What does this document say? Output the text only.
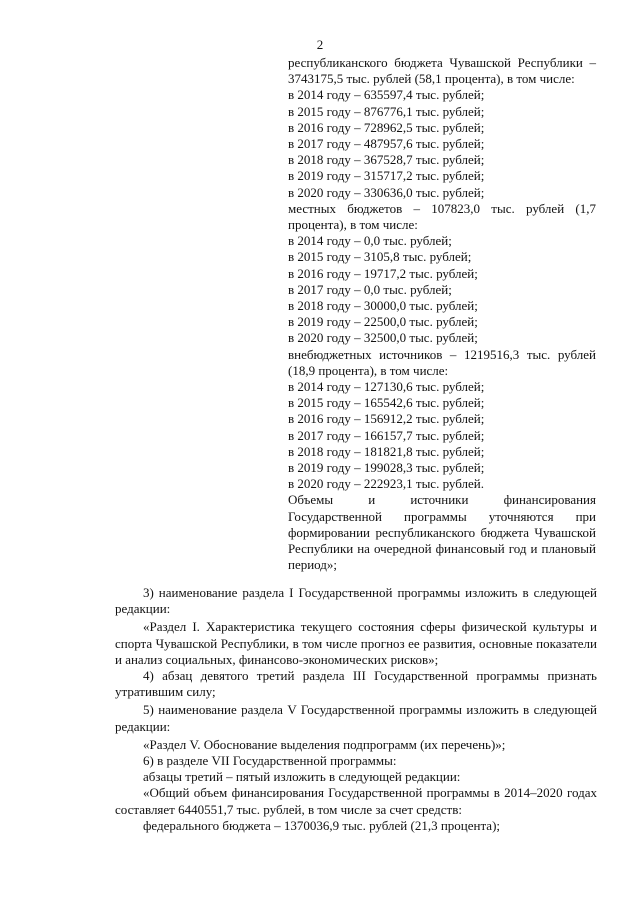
2

республиканского бюджета Чувашской Республики – 3743175,5 тыс. рублей (58,1 процента), в том числе:

в 2014 году – 635597,4 тыс. рублей;

в 2015 году – 876776,1 тыс. рублей;

в 2016 году – 728962,5 тыс. рублей;

в 2017 году – 487957,6 тыс. рублей;

в 2018 году – 367528,7 тыс. рублей;

в 2019 году – 315717,2 тыс. рублей;

в 2020 году – 330636,0 тыс. рублей;

местных бюджетов – 107823,0 тыс. рублей (1,7 процента), в том числе:

в 2014 году – 0,0 тыс. рублей;

в 2015 году – 3105,8 тыс. рублей;

в 2016 году – 19717,2 тыс. рублей;

в 2017 году – 0,0 тыс. рублей;

в 2018 году – 30000,0 тыс. рублей;

в 2019 году – 22500,0 тыс. рублей;

в 2020 году – 32500,0 тыс. рублей;

внебюджетных источников – 1219516,3 тыс. рублей (18,9 процента), в том числе:

в 2014 году – 127130,6 тыс. рублей;

в 2015 году – 165542,6 тыс. рублей;

в 2016 году – 156912,2 тыс. рублей;

в 2017 году – 166157,7 тыс. рублей;

в 2018 году – 181821,8 тыс. рублей;

в 2019 году – 199028,3 тыс. рублей;

в 2020 году – 222923,1 тыс. рублей.

Объемы и источники финансирования Государственной программы уточняются при формировании республиканского бюджета Чувашской Республики на очередной финансовый год и плановый период»;

3) наименование раздела I Государственной программы изложить в следующей редакции:

«Раздел I. Характеристика текущего состояния сферы физической культуры и спорта Чувашской Республики, в том числе прогноз ее развития, основные показатели и анализ социальных, финансово-экономических рисков»;

4) абзац девятого третий раздела III Государственной программы признать утратившим силу;

5) наименование раздела V Государственной программы изложить в следующей редакции:

«Раздел V. Обоснование выделения подпрограмм (их перечень)»;

6) в разделе VII Государственной программы:

абзацы третий – пятый изложить в следующей редакции:

«Общий объем финансирования Государственной программы в 2014–2020 годах составляет 6440551,7 тыс. рублей, в том числе за счет средств:

федерального бюджета – 1370036,9 тыс. рублей (21,3 процента);
